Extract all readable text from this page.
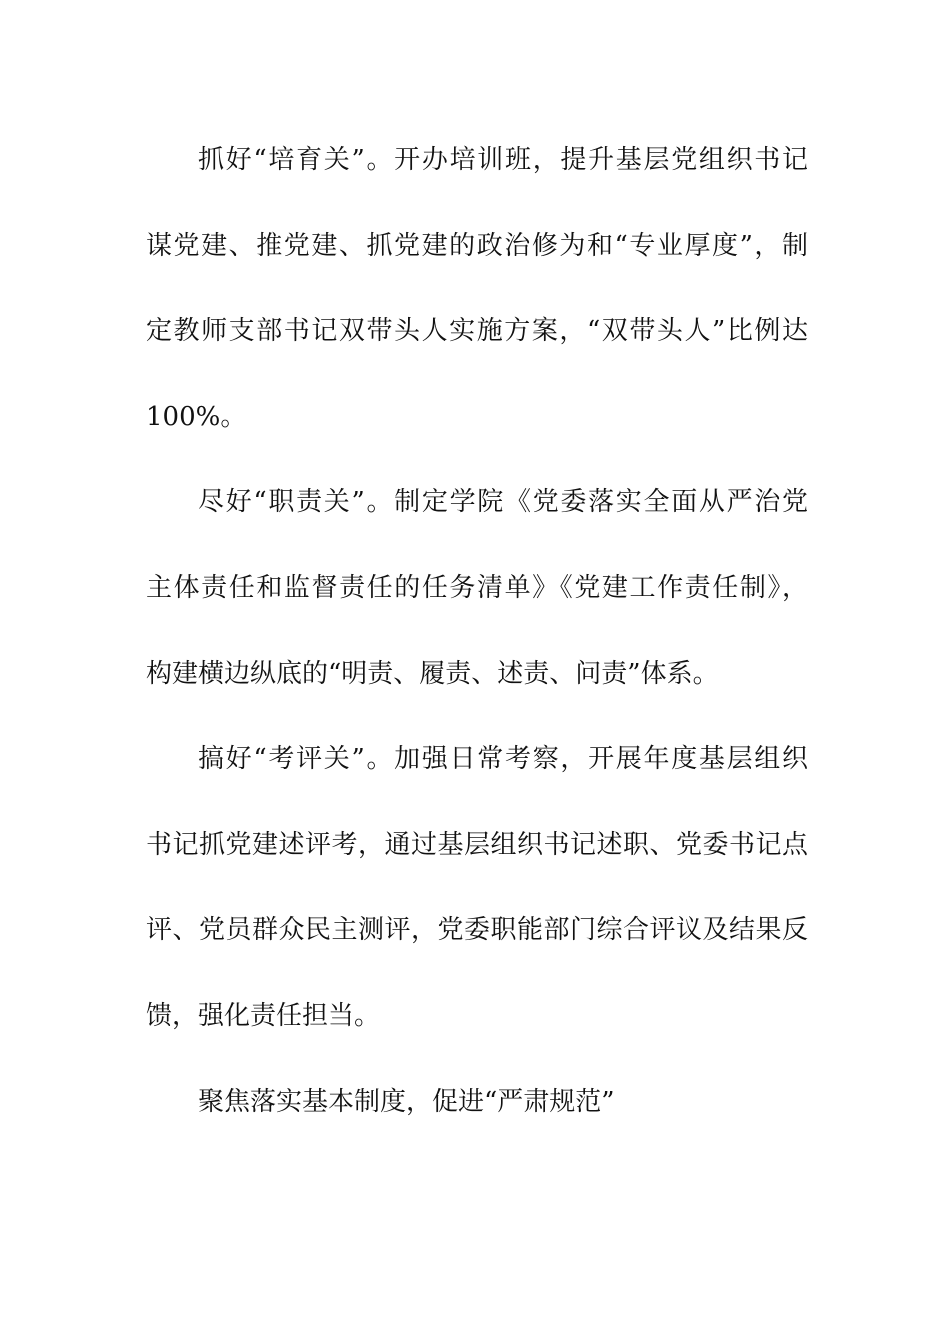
抓好“培育关”。开办培训班，提升基层党组织书记
谋党建、推党建、抓党建的政治修为和“专业厚度”，制
定教师支部书记双带头人实施方案，“双带头人”比例达
100%。
尽好“职责关”。制定学院《党委落实全面从严治党
主体责任和监督责任的任务清单》《党建工作责任制》，
构建横边纵底的“明责、履责、述责、问责”体系。
搞好“考评关”。加强日常考察，开展年度基层组织
书记抓党建述评考，通过基层组织书记述职、党委书记点
评、党员群众民主测评，党委职能部门综合评议及结果反
馈，强化责任担当。
聚焦落实基本制度，促进“严肃规范”
